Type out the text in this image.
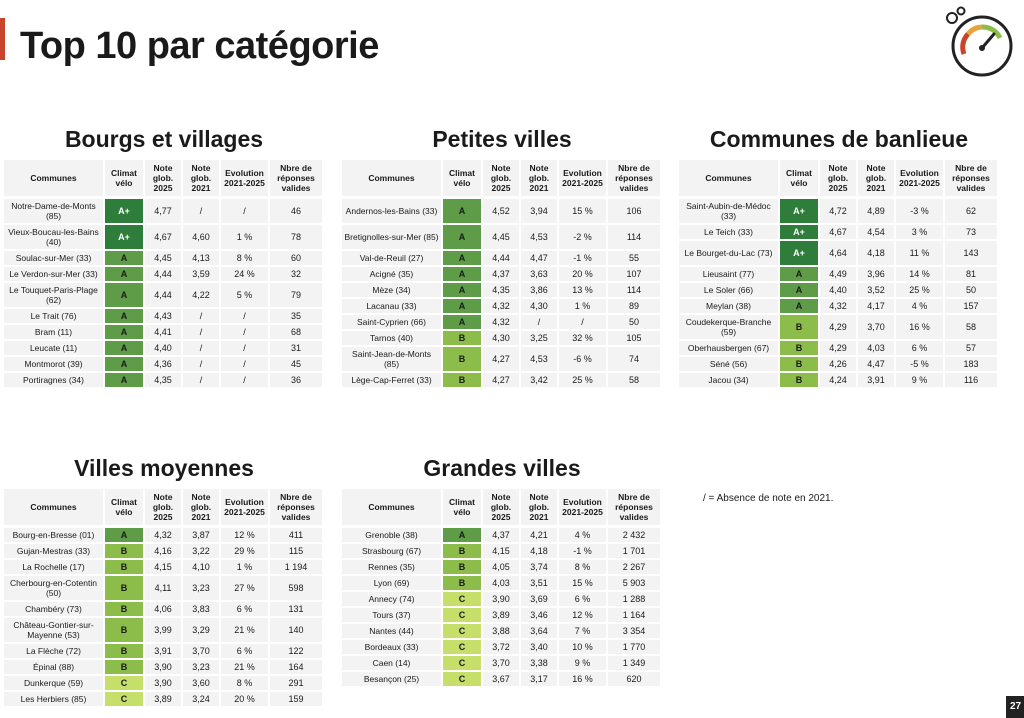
Top 10 par catégorie
27
Bourgs et villages
Communes	Climat vélo	Note glob. 2025	Note glob. 2021	Evolution 2021-2025	Nbre de réponses valides
Notre-Dame-de-Monts (85)	A+	4,77	/	/	46
Vieux-Boucau-les-Bains (40)	A+	4,67	4,60	1 %	78
Soulac-sur-Mer (33)	A	4,45	4,13	8 %	60
Le Verdon-sur-Mer (33)	A	4,44	3,59	24 %	32
Le Touquet-Paris-Plage (62)	A	4,44	4,22	5 %	79
Le Trait (76)	A	4,43	/	/	35
Bram (11)	A	4,41	/	/	68
Leucate (11)	A	4,40	/	/	31
Montmorot (39)	A	4,36	/	/	45
Portiragnes (34)	A	4,35	/	/	36
Petites villes
Communes	Climat vélo	Note glob. 2025	Note glob. 2021	Evolution 2021-2025	Nbre de réponses valides
Andernos-les-Bains (33)	A	4,52	3,94	15 %	106
Bretignolles-sur-Mer (85)	A	4,45	4,53	-2 %	114
Val-de-Reuil (27)	A	4,44	4,47	-1 %	55
Acigné (35)	A	4,37	3,63	20 %	107
Mèze (34)	A	4,35	3,86	13 %	114
Lacanau (33)	A	4,32	4,30	1 %	89
Saint-Cyprien (66)	A	4,32	/	/	50
Tarnos (40)	B	4,30	3,25	32 %	105
Saint-Jean-de-Monts (85)	B	4,27	4,53	-6 %	74
Lège-Cap-Ferret (33)	B	4,27	3,42	25 %	58
Communes de banlieue
Communes	Climat vélo	Note glob. 2025	Note glob. 2021	Evolution 2021-2025	Nbre de réponses valides
Saint-Aubin-de-Médoc (33)	A+	4,72	4,89	-3 %	62
Le Teich (33)	A+	4,67	4,54	3 %	73
Le Bourget-du-Lac (73)	A+	4,64	4,18	11 %	143
Lieusaint (77)	A	4,49	3,96	14 %	81
Le Soler (66)	A	4,40	3,52	25 %	50
Meylan (38)	A	4,32	4,17	4 %	157
Coudekerque-Branche (59)	B	4,29	3,70	16 %	58
Oberhausbergen (67)	B	4,29	4,03	6 %	57
Séné (56)	B	4,26	4,47	-5 %	183
Jacou (34)	B	4,24	3,91	9 %	116
Villes moyennes
Communes	Climat vélo	Note glob. 2025	Note glob. 2021	Evolution 2021-2025	Nbre de réponses valides
Bourg-en-Bresse (01)	A	4,32	3,87	12 %	411
Gujan-Mestras (33)	B	4,16	3,22	29 %	115
La Rochelle (17)	B	4,15	4,10	1 %	1 194
Cherbourg-en-Cotentin (50)	B	4,11	3,23	27 %	598
Chambéry (73)	B	4,06	3,83	6 %	131
Château-Gontier-sur-Mayenne (53)	B	3,99	3,29	21 %	140
La Flèche (72)	B	3,91	3,70	6 %	122
Épinal (88)	B	3,90	3,23	21 %	164
Dunkerque (59)	C	3,90	3,60	8 %	291
Les Herbiers (85)	C	3,89	3,24	20 %	159
Grandes villes
Communes	Climat vélo	Note glob. 2025	Note glob. 2021	Evolution 2021-2025	Nbre de réponses valides
Grenoble (38)	A	4,37	4,21	4 %	2 432
Strasbourg (67)	B	4,15	4,18	-1 %	1 701
Rennes (35)	B	4,05	3,74	8 %	2 267
Lyon (69)	B	4,03	3,51	15 %	5 903
Annecy (74)	C	3,90	3,69	6 %	1 288
Tours (37)	C	3,89	3,46	12 %	1 164
Nantes (44)	C	3,88	3,64	7 %	3 354
Bordeaux (33)	C	3,72	3,40	10 %	1 770
Caen (14)	C	3,70	3,38	9 %	1 349
Besançon (25)	C	3,67	3,17	16 %	620
/ = Absence de note en 2021.
